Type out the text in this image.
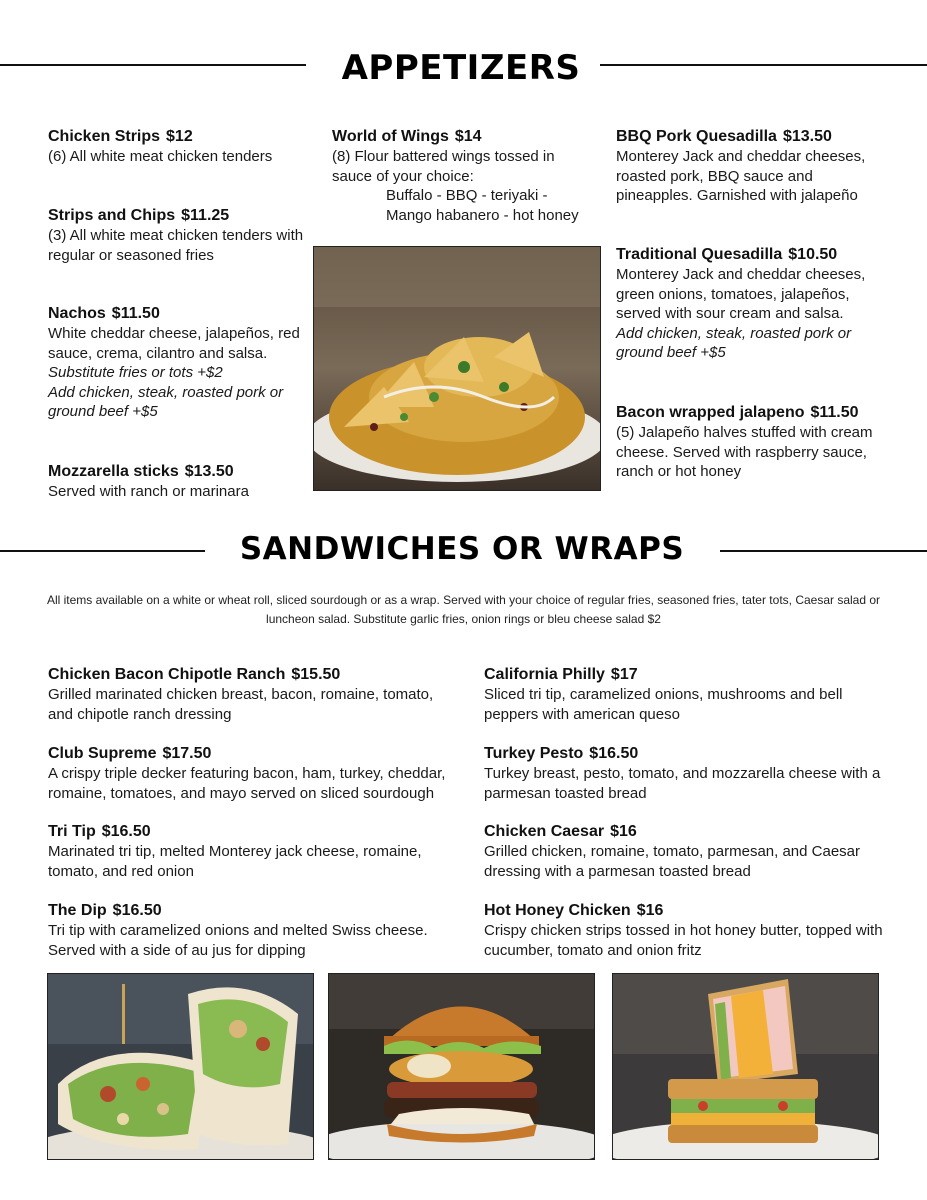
APPETIZERS
Chicken Strips $12
(6) All white meat chicken tenders
Strips and Chips $11.25
(3) All white meat chicken tenders with regular or seasoned fries
Nachos $11.50
White cheddar cheese, jalapeños, red sauce, crema, cilantro and salsa.
Substitute fries or tots +$2
Add chicken, steak, roasted pork or ground beef +$5
Mozzarella sticks $13.50
Served with ranch or marinara
World of Wings $14
(8) Flour battered wings tossed in sauce of your choice:
Buffalo - BBQ - teriyaki - Mango habanero - hot honey
BBQ Pork Quesadilla $13.50
Monterey Jack and cheddar cheeses, roasted pork, BBQ sauce and pineapples. Garnished with jalapeño
Traditional Quesadilla $10.50
Monterey Jack and cheddar cheeses, green onions, tomatoes, jalapeños, served with sour cream and salsa.
Add chicken, steak, roasted pork or ground beef +$5
Bacon wrapped jalapeno $11.50
(5) Jalapeño halves stuffed with cream cheese. Served with raspberry sauce, ranch or hot honey
SANDWICHES OR WRAPS
All items available on a white or wheat roll, sliced sourdough or as a wrap. Served with your choice of regular fries, seasoned fries, tater tots, Caesar salad or luncheon salad. Substitute garlic fries, onion rings or bleu cheese salad $2
Chicken Bacon Chipotle Ranch $15.50
Grilled marinated chicken breast, bacon, romaine, tomato, and chipotle ranch dressing
Club Supreme $17.50
A crispy triple decker featuring bacon, ham, turkey, cheddar, romaine, tomatoes, and mayo served on sliced sourdough
Tri Tip $16.50
Marinated tri tip, melted Monterey jack cheese, romaine, tomato, and red onion
The Dip $16.50
Tri tip with caramelized onions and melted Swiss cheese. Served with a side of au jus for dipping
California Philly $17
Sliced tri tip, caramelized onions, mushrooms and bell peppers with american queso
Turkey Pesto $16.50
Turkey breast, pesto, tomato, and mozzarella cheese with a parmesan toasted bread
Chicken Caesar $16
Grilled chicken, romaine, tomato, parmesan, and Caesar dressing with a parmesan toasted bread
Hot Honey Chicken $16
Crispy chicken strips tossed in hot honey butter, topped with cucumber, tomato and onion fritz
